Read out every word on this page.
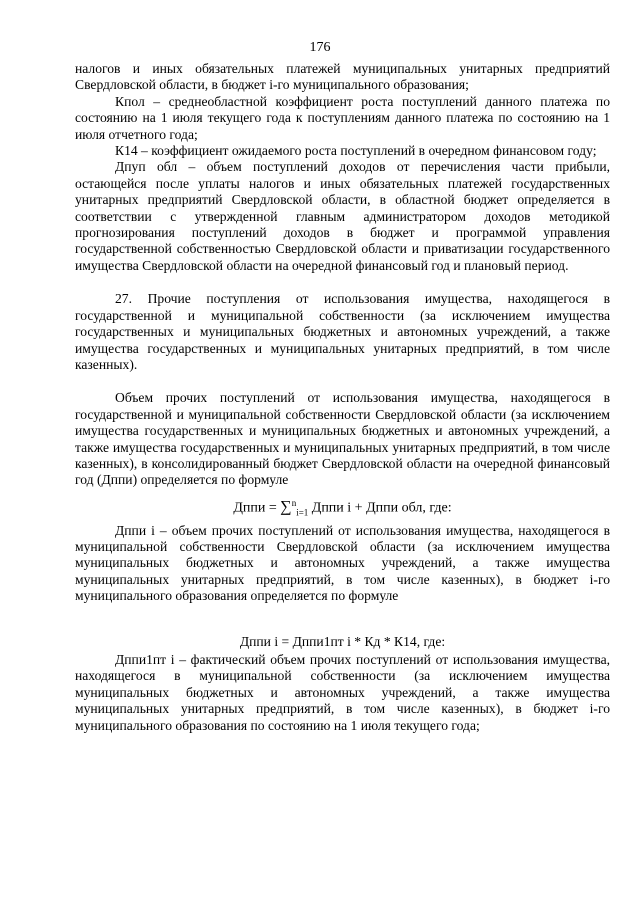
176

налогов и иных обязательных платежей муниципальных унитарных предприятий Свердловской области, в бюджет i-го муниципального образования;

Кпол – среднеобластной коэффициент роста поступлений данного платежа по состоянию на 1 июля текущего года к поступлениям данного платежа по состоянию на 1 июля отчетного года;

К14 – коэффициент ожидаемого роста поступлений в очередном финансовом году;

Дпуп обл – объем поступлений доходов от перечисления части прибыли, остающейся после уплаты налогов и иных обязательных платежей государственных унитарных предприятий Свердловской области, в областной бюджет определяется в соответствии с утвержденной главным администратором доходов методикой прогнозирования поступлений доходов в бюджет и программой управления государственной собственностью Свердловской области и приватизации государственного имущества Свердловской области на очередной финансовый год и плановый период.

27. Прочие поступления от использования имущества, находящегося в государственной и муниципальной собственности (за исключением имущества государственных и муниципальных бюджетных и автономных учреждений, а также имущества государственных и муниципальных унитарных предприятий, в том числе казенных).

Объем прочих поступлений от использования имущества, находящегося в государственной и муниципальной собственности Свердловской области (за исключением имущества государственных и муниципальных бюджетных и автономных учреждений, а также имущества государственных и муниципальных унитарных предприятий, в том числе казенных), в консолидированный бюджет Свердловской области на очередной финансовый год (Дппи) определяется по формуле

Дппи = ∑$^n_{i=1}$ Дппи i + Дппи обл, где:

Дппи i – объем прочих поступлений от использования имущества, находящегося в муниципальной собственности Свердловской области (за исключением имущества муниципальных бюджетных и автономных учреждений, а также имущества муниципальных унитарных предприятий, в том числе казенных), в бюджет i-го муниципального образования определяется по формуле

Дппи i = Дппи1пт i * Кд * К14, где:

Дппи1пт i – фактический объем прочих поступлений от использования имущества, находящегося в муниципальной собственности (за исключением имущества муниципальных бюджетных и автономных учреждений, а также имущества муниципальных унитарных предприятий, в том числе казенных), в бюджет i-го муниципального образования по состоянию на 1 июля текущего года;
